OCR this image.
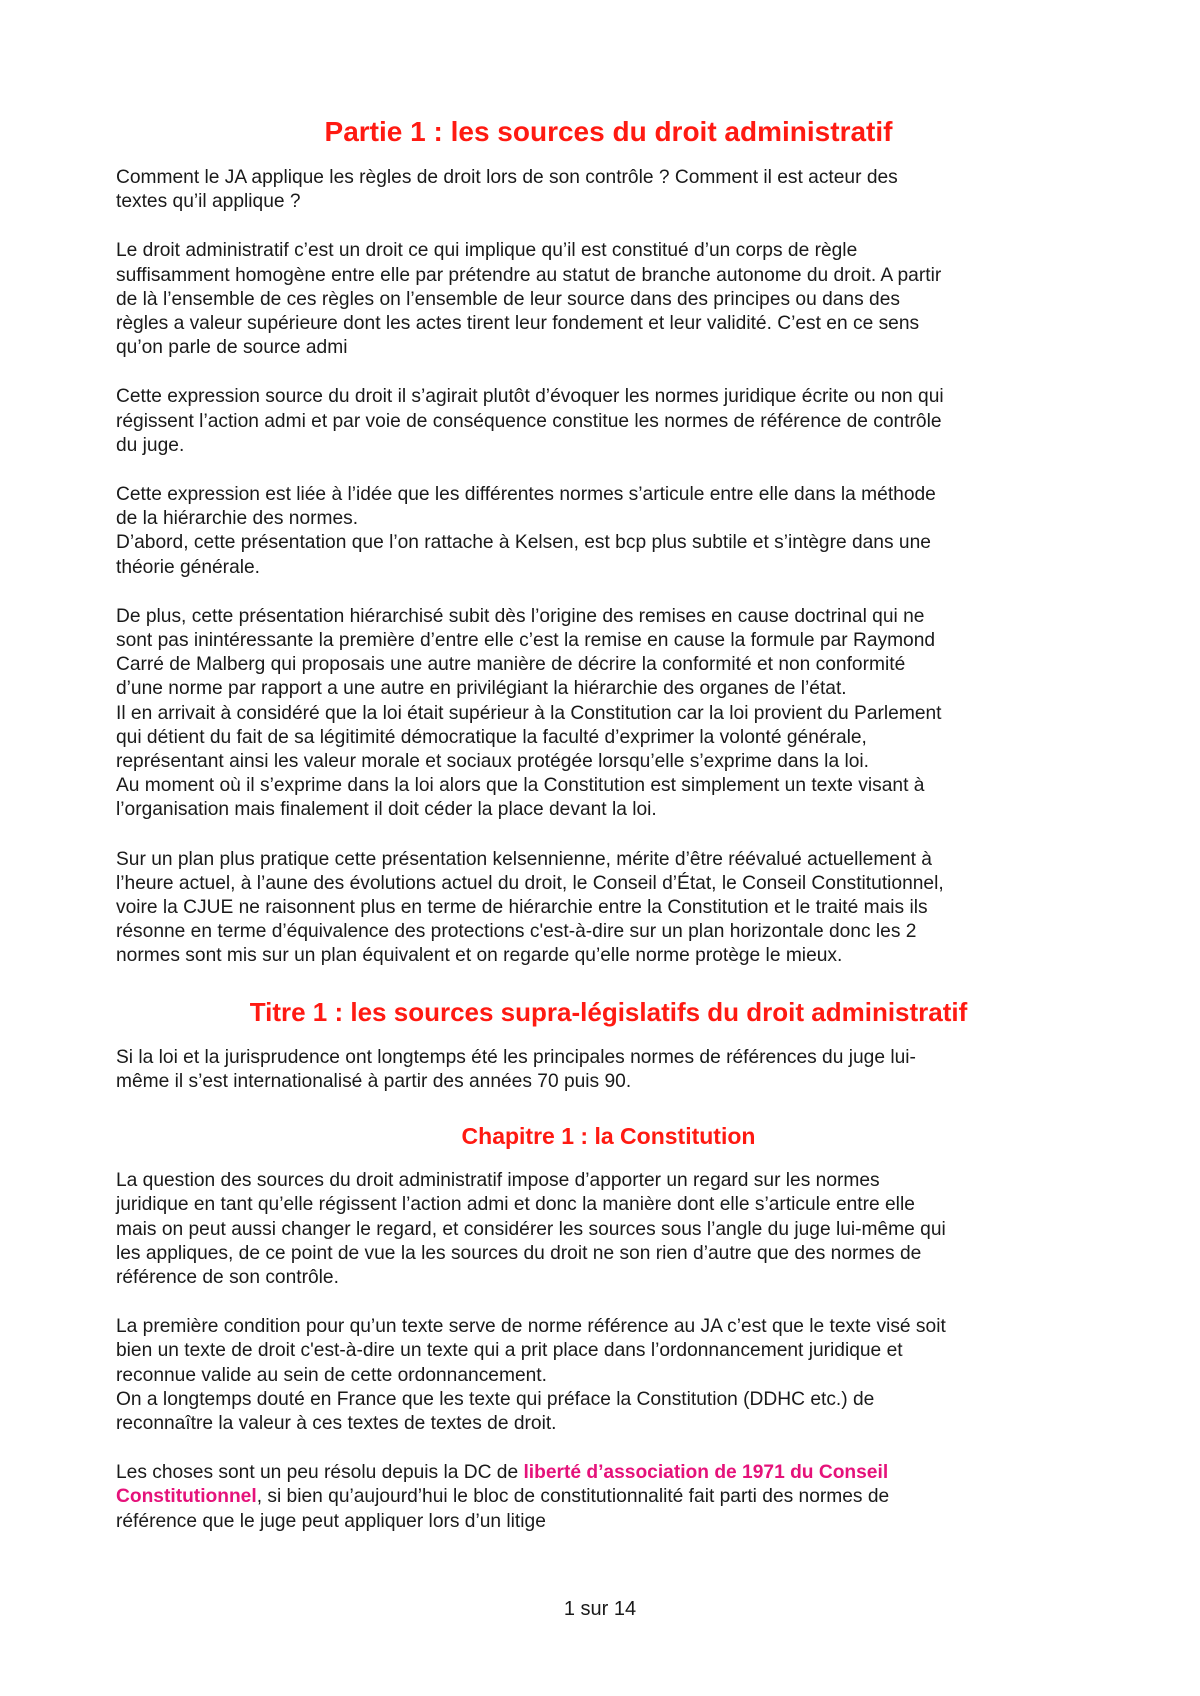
Partie 1 : les sources du droit administratif

Comment le JA applique les règles de droit lors de son contrôle ? Comment il est acteur des
textes qu’il applique ?

Le droit administratif c’est un droit ce qui implique qu’il est constitué d’un corps de règle
suffisamment homogène entre elle par prétendre au statut de branche autonome du droit. A partir
de là l’ensemble de ces règles on l’ensemble de leur source dans des principes ou dans des
règles a valeur supérieure dont les actes tirent leur fondement et leur validité. C’est en ce sens
qu’on parle de source admi

Cette expression source du droit il s’agirait plutôt d’évoquer les normes juridique écrite ou non qui
régissent l’action admi et par voie de conséquence constitue les normes de référence de contrôle
du juge.

Cette expression est liée à l’idée que les différentes normes s’articule entre elle dans la méthode
de la hiérarchie des normes.
D’abord, cette présentation que l’on rattache à Kelsen, est bcp plus subtile et s’intègre dans une
théorie générale.

De plus, cette présentation hiérarchisé subit dès l’origine des remises en cause doctrinal qui ne
sont pas inintéressante la première d’entre elle c’est la remise en cause la formule par Raymond
Carré de Malberg qui proposais une autre manière de décrire la conformité et non conformité
d’une norme par rapport a une autre en privilégiant la hiérarchie des organes de l’état.
Il en arrivait à considéré que la loi était supérieur à la Constitution car la loi provient du Parlement
qui détient du fait de sa légitimité démocratique la faculté d’exprimer la volonté générale,
représentant ainsi les valeur morale et sociaux protégée lorsqu’elle s’exprime dans la loi.
Au moment où il s’exprime dans la loi alors que la Constitution est simplement un texte visant à
l’organisation mais finalement il doit céder la place devant la loi.

Sur un plan plus pratique cette présentation kelsennienne, mérite d’être réévalué actuellement à
l’heure actuel, à l’aune des évolutions actuel du droit, le Conseil d’État, le Conseil Constitutionnel,
voire la CJUE ne raisonnent plus en terme de hiérarchie entre la Constitution et le traité mais ils
résonne en terme d’équivalence des protections c'est-à-dire sur un plan horizontale donc les 2
normes sont mis sur un plan équivalent et on regarde qu’elle norme protège le mieux.

Titre 1 : les sources supra-législatifs du droit administratif

Si la loi et la jurisprudence ont longtemps été les principales normes de références du juge lui-
même il s’est internationalisé à partir des années 70 puis 90.

Chapitre 1 : la Constitution

La question des sources du droit administratif impose d’apporter un regard sur les normes
juridique en tant qu’elle régissent l’action admi et donc la manière dont elle s’articule entre elle
mais on peut aussi changer le regard, et considérer les sources sous l’angle du juge lui-même qui
les appliques, de ce point de vue la les sources du droit ne son rien d’autre que des normes de
référence de son contrôle.

La première condition pour qu’un texte serve de norme référence au JA c’est que le texte visé soit
bien un texte de droit c'est-à-dire un texte qui a prit place dans l’ordonnancement juridique et
reconnue valide au sein de cette ordonnancement.
On a longtemps douté en France que les texte qui préface la Constitution (DDHC etc.) de
reconnaître la valeur à ces textes de textes de droit.

Les choses sont un peu résolu depuis la DC de liberté d’association de 1971 du Conseil
Constitutionnel, si bien qu’aujourd’hui le bloc de constitutionnalité fait parti des normes de
référence que le juge peut appliquer lors d’un litige

1 sur 14
